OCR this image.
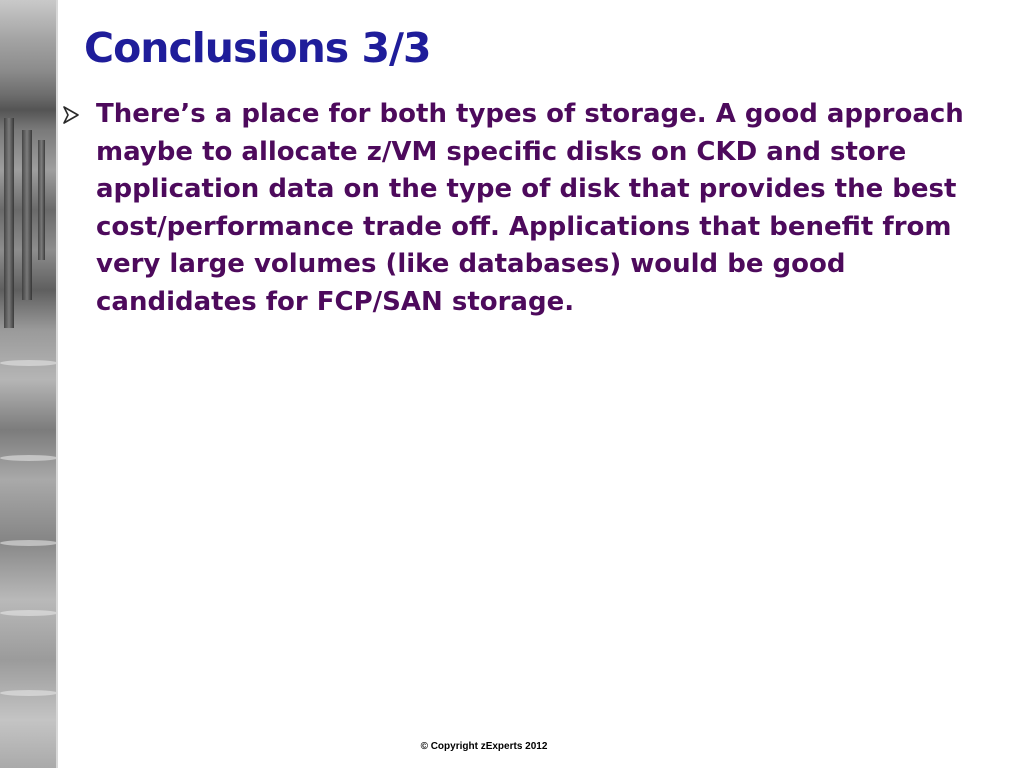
Conclusions 3/3

There’s a place for both types of storage. A good approach maybe to allocate z/VM specific disks on CKD and store application data on the type of disk that provides the best cost/performance trade off. Applications that benefit from very large volumes (like databases) would be good candidates for FCP/SAN storage.

© Copyright zExperts 2012
